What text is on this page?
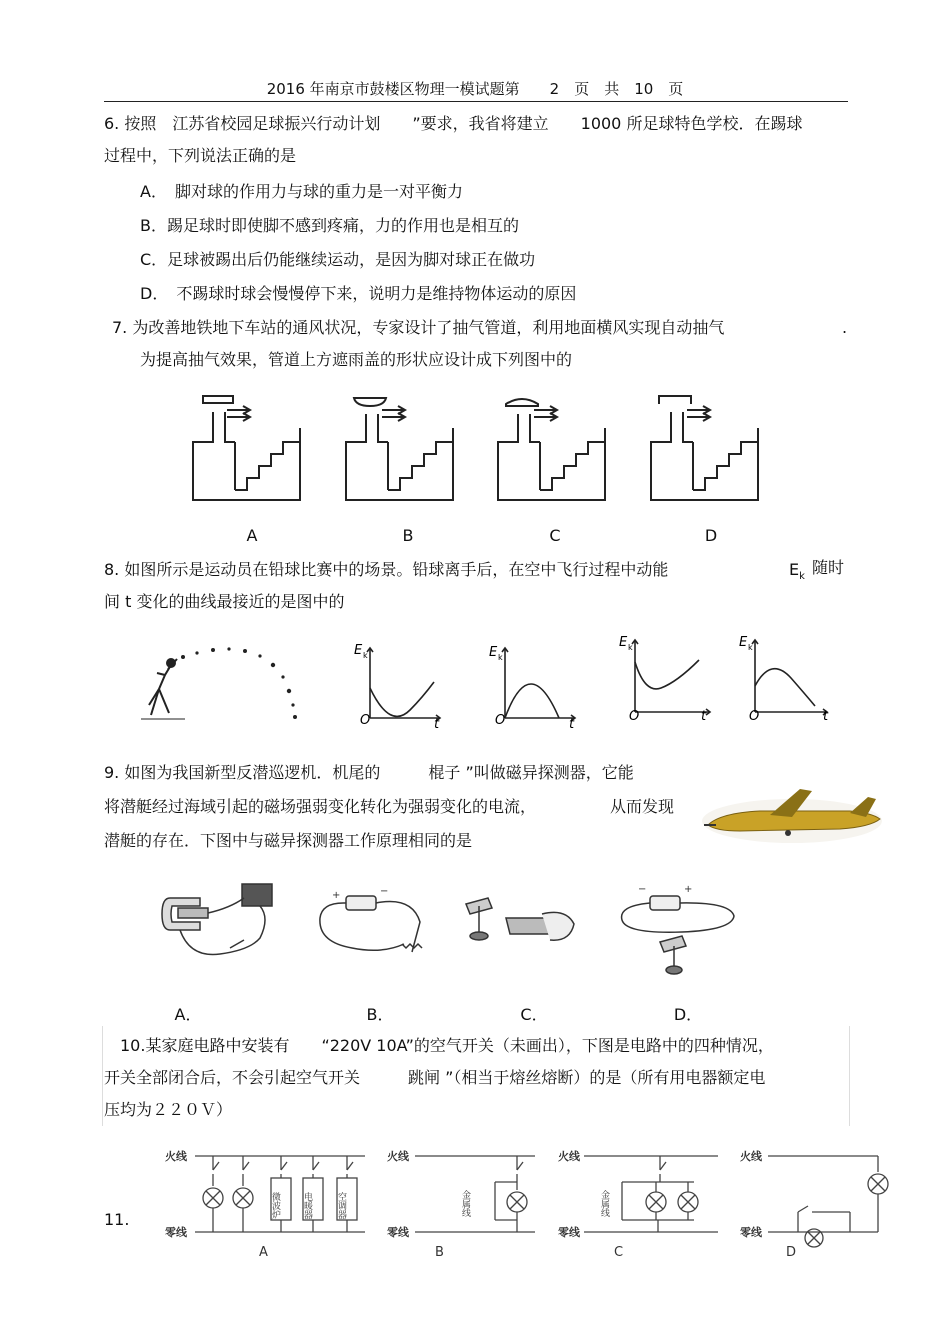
2016 年南京市鼓楼区物理一模试题第　　2　页　共　10　页
6. 按照　江苏省校园足球振兴行动计划　　”要求，我省将建立　　1000 所足球特色学校．在踢球
过程中，下列说法正确的是
A．　脚对球的作用力与球的重力是一对平衡力
B．踢足球时即使脚不感到疼痛，力的作用也是相互的
C．足球被踢出后仍能继续运动，是因为脚对球正在做功
D．　不踢球时球会慢慢停下来，说明力是维持物体运动的原因
7. 为改善地铁地下车站的通风状况，专家设计了抽气管道，利用地面横风实现自动抽气	.
为提高抽气效果，管道上方遮雨盖的形状应设计成下列图中的
A	B	C	D
8. 如图所示是运动员在铅球比赛中的场景。铅球离手后，在空中飞行过程中动能	$E_k$ 随时
间 t 变化的曲线最接近的是图中的
E k
O	t
E k
O	t
E k
O	t
E k
O	t
9. 如图为我国新型反潜巡逻机．机尾的　　　棍子 ”叫做磁异探测器，它能
将潜艇经过海域引起的磁场强弱变化转化为强弱变化的电流，	从而发现
潜艇的存在．下图中与磁异探测器工作原理相同的是
+	−	−	+
A．	B．	C．	D．
10.某家庭电路中安装有　　“220V 10A”的空气开关（未画出），下图是电路中的四种情况，
开关全部闭合后，不会引起空气开关　　　跳闸 ”（相当于熔丝熔断）的是（所有用电器额定电
压均为２２０Ｖ）
11.
火线
零线
微波炉 电暖器	空调器
A
火线
零线
金属线
B
火线
零线
金属线
C
火线
零线
D
